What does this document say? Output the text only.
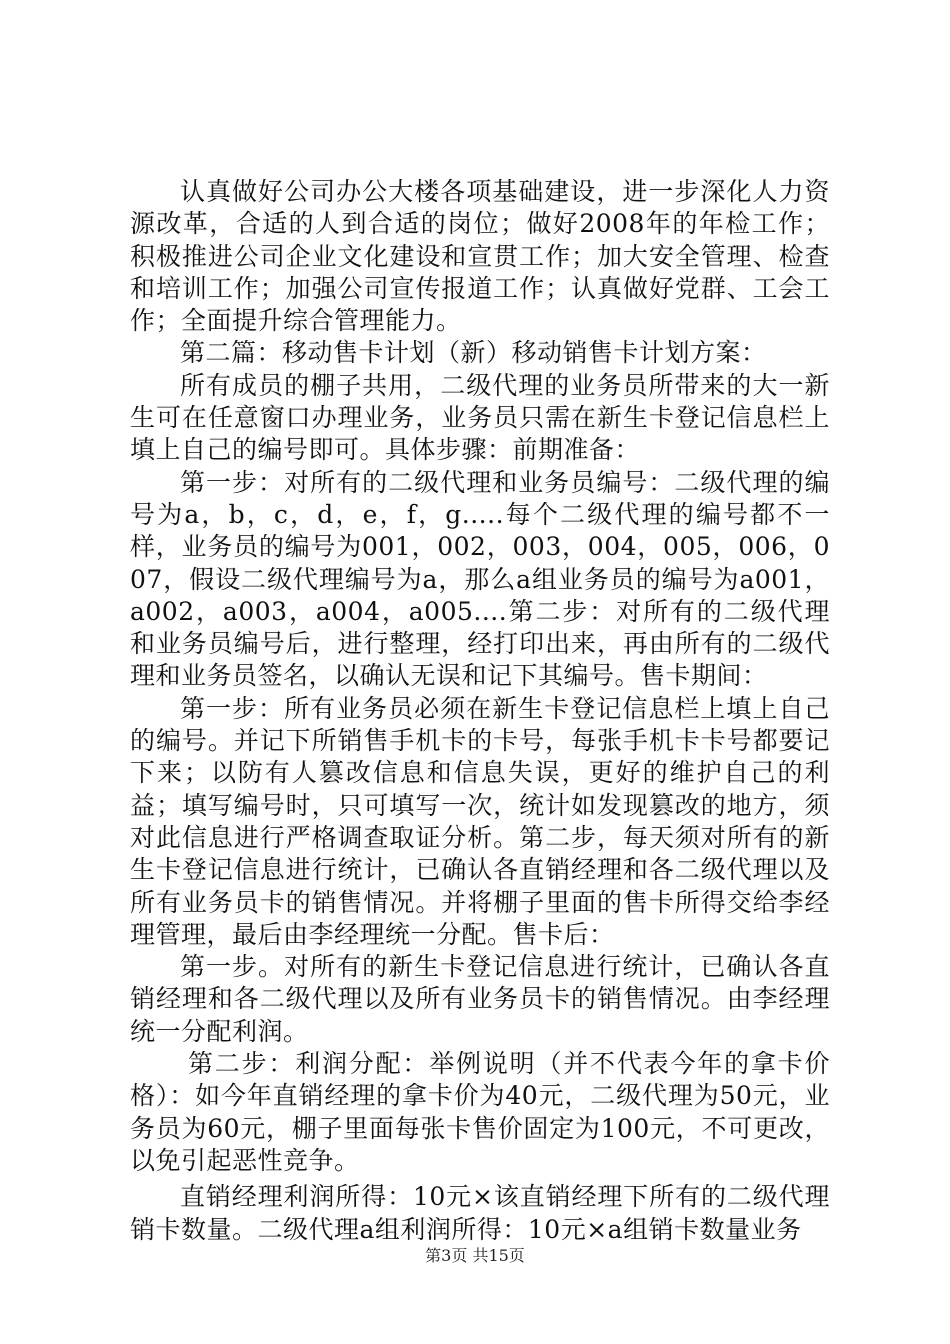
认真做好公司办公大楼各项基础建设，进一步深化人力资源改革，合适的人到合适的岗位；做好2008年的年检工作；积极推进公司企业文化建设和宣贯工作；加大安全管理、检查和培训工作；加强公司宣传报道工作；认真做好党群、工会工作；全面提升综合管理能力。

第二篇：移动售卡计划（新）移动销售卡计划方案：

所有成员的棚子共用，二级代理的业务员所带来的大一新生可在任意窗口办理业务，业务员只需在新生卡登记信息栏上填上自己的编号即可。具体步骤：前期准备：

第一步：对所有的二级代理和业务员编号：二级代理的编号为a，b，c，d，e，f，g.....每个二级代理的编号都不一样，业务员的编号为001，002，003，004，005，006，007，假设二级代理编号为a，那么a组业务员的编号为a001，a002，a003，a004，a005....第二步：对所有的二级代理和业务员编号后，进行整理，经打印出来，再由所有的二级代理和业务员签名，以确认无误和记下其编号。售卡期间：

第一步：所有业务员必须在新生卡登记信息栏上填上自己的编号。并记下所销售手机卡的卡号，每张手机卡卡号都要记下来；以防有人篡改信息和信息失误，更好的维护自己的利益；填写编号时，只可填写一次，统计如发现篡改的地方，须对此信息进行严格调查取证分析。第二步，每天须对所有的新生卡登记信息进行统计，已确认各直销经理和各二级代理以及所有业务员卡的销售情况。并将棚子里面的售卡所得交给李经理管理，最后由李经理统一分配。售卡后：

第一步。对所有的新生卡登记信息进行统计，已确认各直销经理和各二级代理以及所有业务员卡的销售情况。由李经理统一分配利润。

第二步：利润分配：举例说明（并不代表今年的拿卡价格）：如今年直销经理的拿卡价为40元，二级代理为50元，业务员为60元，棚子里面每张卡售价固定为100元，不可更改，以免引起恶性竞争。

直销经理利润所得：10元×该直销经理下所有的二级代理销卡数量。二级代理a组利润所得：10元×a组销卡数量业务

第3页 共15页
